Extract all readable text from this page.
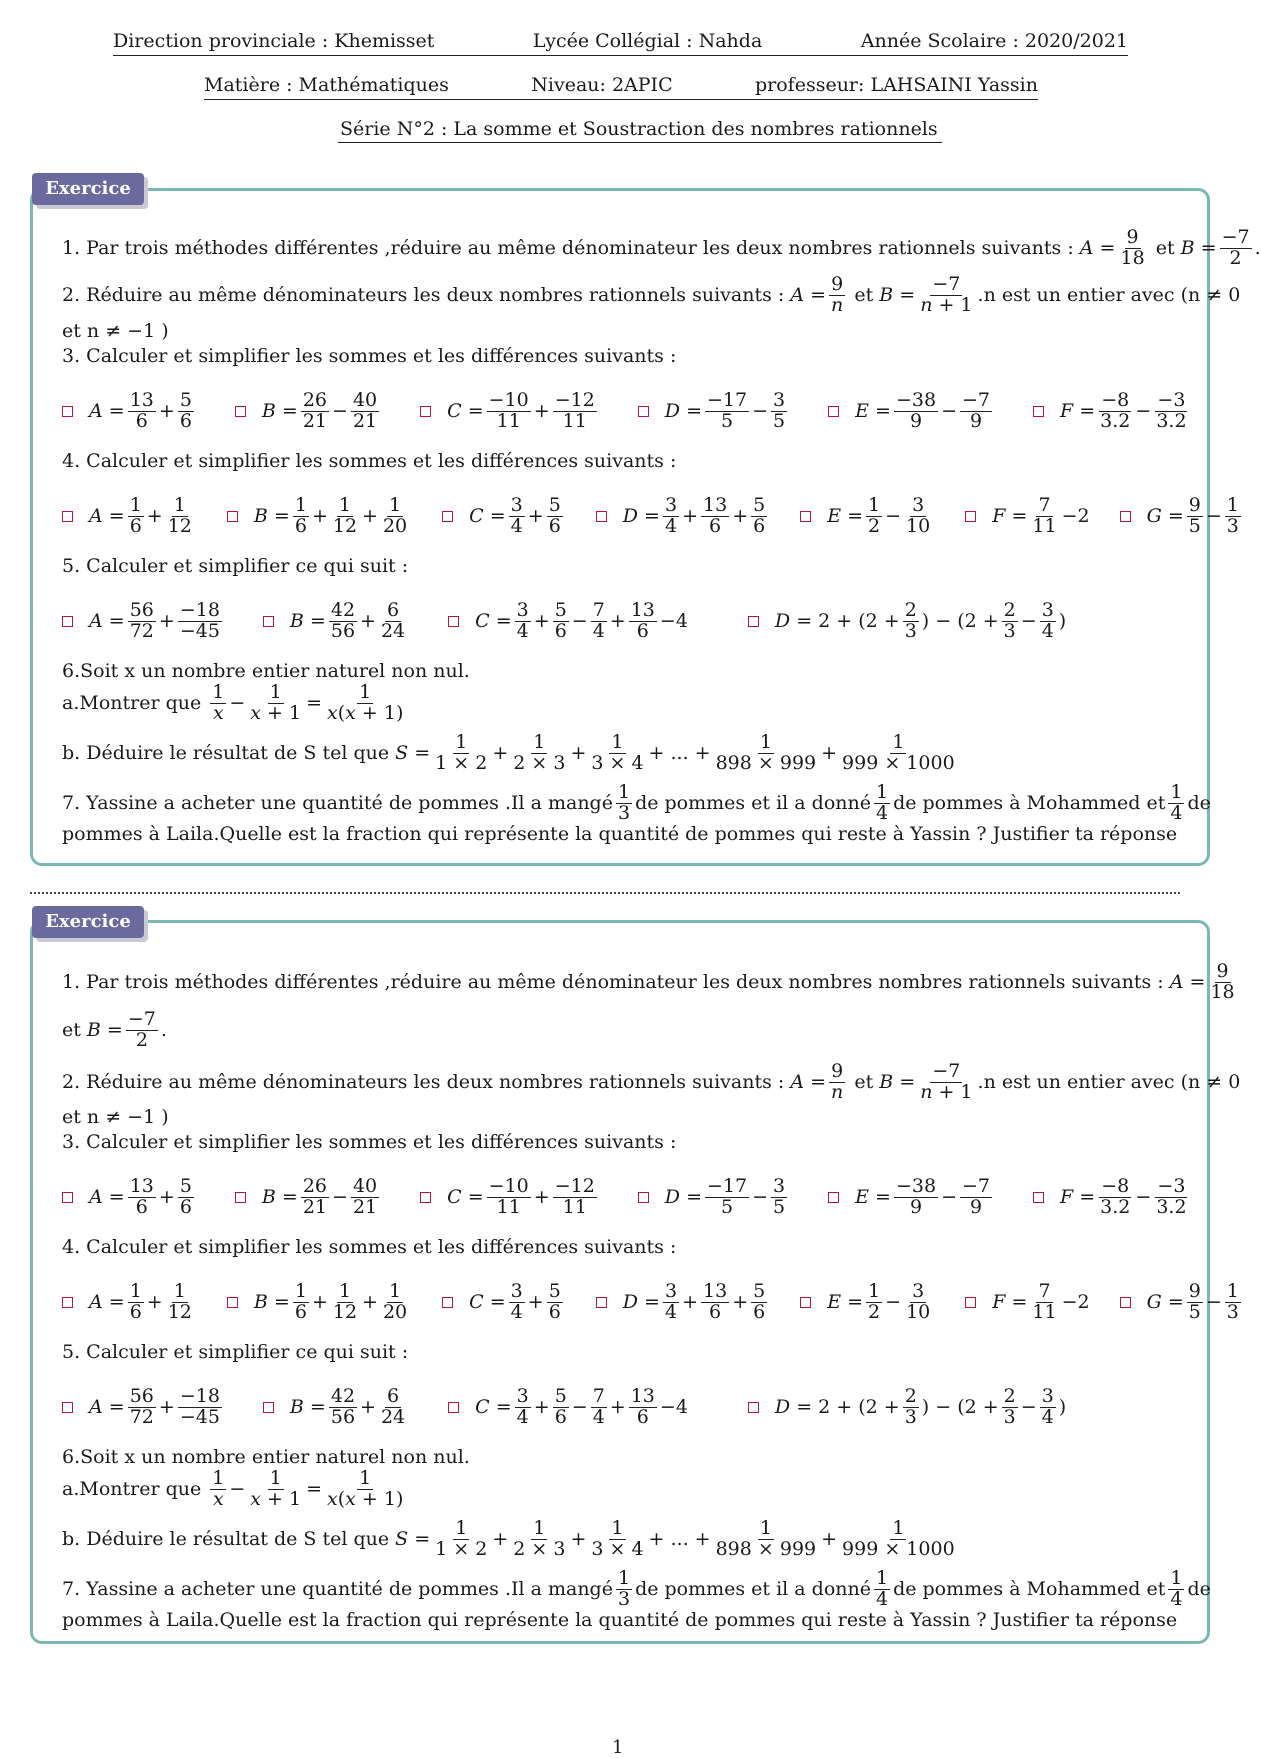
Direction provinciale : Khemisset	Lycée Collégial : Nahda	Année Scolaire : 2020/2021
Matière : Mathématiques	Niveau: 2APIC	professeur: LAHSAINI Yassin
Série N°2 : La somme et Soustraction des nombres rationnels
Exercice
1. Par trois méthodes différentes ,réduire au même dénominateur les deux nombres rationnels suivants :
$A = \frac{9}{18}$ et $B = \frac{-7}{2}$ .
2. Réduire au même dénominateurs les deux nombres rationnels suivants :
$A = \frac{9}{n}$ et $B = \frac{-7}{n + 1} .n$ est un entier avec (n ≠ 0
et n ≠ −1 )
3. Calculer et simplifier les sommes et les différences suivants :
$A = \frac{13}{6} + \frac{5}{6}$	$B = \frac{26}{21} - \frac{40}{21}$	$C = \frac{-10}{11} + \frac{-12}{11}$	$D = \frac{-17}{5} - \frac{3}{5}$	$E = \frac{-38}{9} - \frac{-7}{9}$	$F = \frac{-8}{3.2} - \frac{-3}{3.2}$
4. Calculer et simplifier les sommes et les différences suivants :
$A = \frac{1}{6} + \frac{1}{12}$	$B = \frac{1}{6} + \frac{1}{12} + \frac{1}{20}$	$C = \frac{3}{4} + \frac{5}{6}$	$D = \frac{3}{4} + \frac{13}{6} + \frac{5}{6}$	$E = \frac{1}{2} - \frac{3}{10}$	$F = \frac{7}{11} -2$	$G = \frac{9}{5} - \frac{1}{3}$
5. Calculer et simplifier ce qui suit :
$A = \frac{56}{72} + \frac{-18}{-45}$	$B = \frac{42}{56} + \frac{6}{24}$	$C = \frac{3}{4} + \frac{5}{6} - \frac{7}{4} + \frac{13}{6} -4$	$D = 2 + (2 + \frac{2}{3}$ ) − ($2 + \frac{2}{3} - \frac{3}{4}$ )
6.Soit x un nombre entier naturel non nul.
a.Montrer que
$\frac{1}{x} - \frac{1}{x + 1} = \frac{1}{x(x + 1)}$
b. Déduire le résultat de S tel que
$S = \frac{1}{1 \times 2} + \frac{1}{2 \times 3} + \frac{1}{3 \times 4}$ + ... + $\frac{1}{898 \times 999} + \frac{1}{999 \times 1000}$
7. Yassine a acheter une quantité de pommes .Il a mangé $\frac{1}{3}$ de pommes et il a donné $\frac{1}{4}$ de pommes à Mohammed et $\frac{1}{4}$ de
pommes à Laila.Quelle est la fraction qui représente la quantité de pommes qui reste à Yassin ? Justifier ta réponse
Exercice
1. Par trois méthodes différentes ,réduire au même dénominateur les deux nombres nombres rationnels suivants :
$A = \frac{9}{18}$
et $B = \frac{-7}{2}$ .
2. Réduire au même dénominateurs les deux nombres rationnels suivants :
$A = \frac{9}{n}$ et $B = \frac{-7}{n + 1} .n$ est un entier avec (n ≠ 0
et n ≠ −1 )
3. Calculer et simplifier les sommes et les différences suivants :
$A = \frac{13}{6} + \frac{5}{6}$	$B = \frac{26}{21} - \frac{40}{21}$	$C = \frac{-10}{11} + \frac{-12}{11}$	$D = \frac{-17}{5} - \frac{3}{5}$	$E = \frac{-38}{9} - \frac{-7}{9}$	$F = \frac{-8}{3.2} - \frac{-3}{3.2}$
4. Calculer et simplifier les sommes et les différences suivants :
$A = \frac{1}{6} + \frac{1}{12}$	$B = \frac{1}{6} + \frac{1}{12} + \frac{1}{20}$	$C = \frac{3}{4} + \frac{5}{6}$	$D = \frac{3}{4} + \frac{13}{6} + \frac{5}{6}$	$E = \frac{1}{2} - \frac{3}{10}$	$F = \frac{7}{11} -2$	$G = \frac{9}{5} - \frac{1}{3}$
5. Calculer et simplifier ce qui suit :
$A = \frac{56}{72} + \frac{-18}{-45}$	$B = \frac{42}{56} + \frac{6}{24}$	$C = \frac{3}{4} + \frac{5}{6} - \frac{7}{4} + \frac{13}{6} -4$	$D = 2 + (2 + \frac{2}{3}$ ) − ($2 + \frac{2}{3} - \frac{3}{4}$ )
6.Soit x un nombre entier naturel non nul.
a.Montrer que
$\frac{1}{x} - \frac{1}{x + 1} = \frac{1}{x(x + 1)}$
b. Déduire le résultat de S tel que
$S = \frac{1}{1 \times 2} + \frac{1}{2 \times 3} + \frac{1}{3 \times 4}$ + ... + $\frac{1}{898 \times 999} + \frac{1}{999 \times 1000}$
7. Yassine a acheter une quantité de pommes .Il a mangé $\frac{1}{3}$ de pommes et il a donné $\frac{1}{4}$ de pommes à Mohammed et $\frac{1}{4}$ de
pommes à Laila.Quelle est la fraction qui représente la quantité de pommes qui reste à Yassin ? Justifier ta réponse
1
